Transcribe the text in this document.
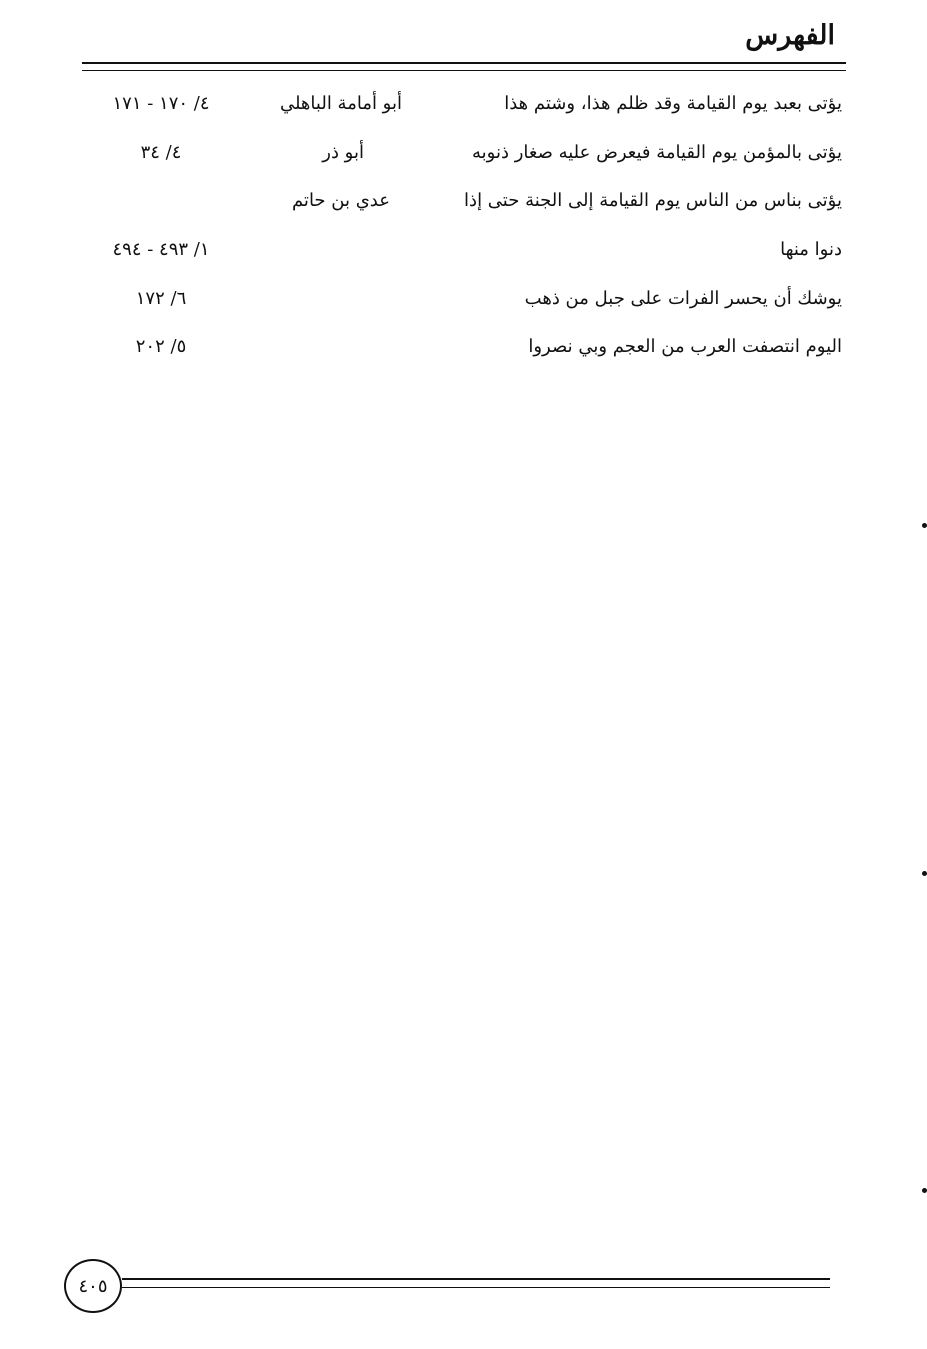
الفهرس
يؤتى بعبد يوم القيامة وقد ظلم هذا، وشتم هذا
أبو أمامة الباهلي
٤/ ١٧٠ - ١٧١
يؤتى بالمؤمن يوم القيامة فيعرض عليه صغار ذنوبه
أبو ذر
٤/ ٣٤
يؤتى بناس من الناس يوم القيامة إلى الجنة حتى إذا
عدي بن حاتم
دنوا منها
١/ ٤٩٣ - ٤٩٤
يوشك أن يحسر الفرات على جبل من ذهب
٦/ ١٧٢
اليوم انتصفت العرب من العجم وبي نصروا
٥/ ٢٠٢
٤٠٥
